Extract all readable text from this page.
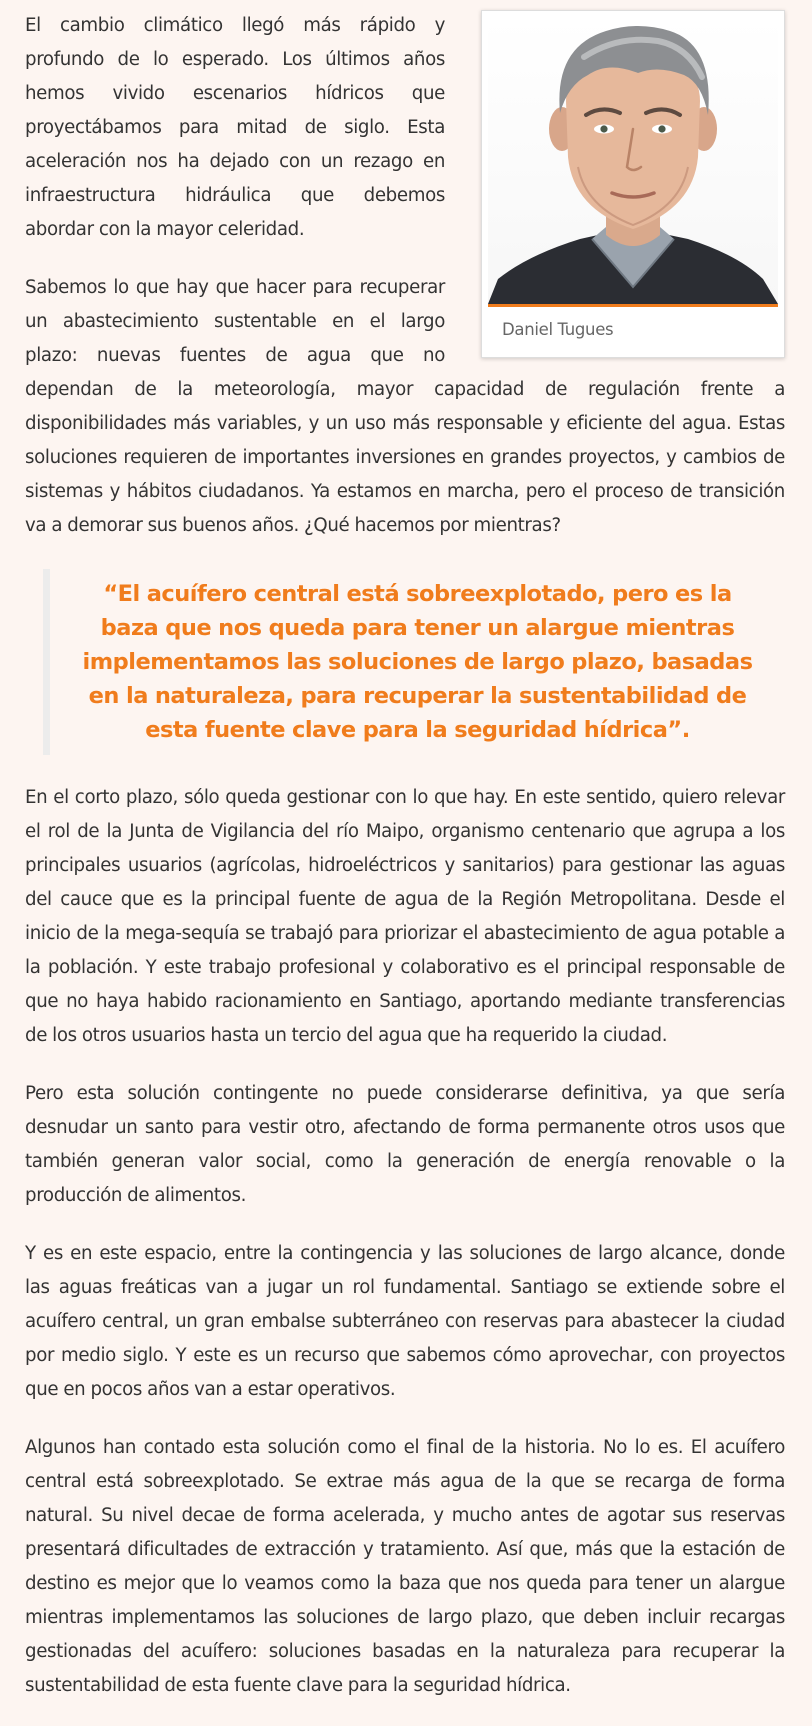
Daniel Tugues

El cambio climático llegó más rápido y profundo de lo esperado. Los últimos años hemos vivido escenarios hídricos que proyectábamos para mitad de siglo. Esta aceleración nos ha dejado con un rezago en infraestructura hidráulica que debemos abordar con la mayor celeridad.

Sabemos lo que hay que hacer para recuperar un abastecimiento sustentable en el largo plazo: nuevas fuentes de agua que no dependan de la meteorología, mayor capacidad de regulación frente a disponibilidades más variables, y un uso más responsable y eficiente del agua. Estas soluciones requieren de importantes inversiones en grandes proyectos, y cambios de sistemas y hábitos ciudadanos. Ya estamos en marcha, pero el proceso de transición va a demorar sus buenos años. ¿Qué hacemos por mientras?

“El acuífero central está sobreexplotado, pero es la baza que nos queda para tener un alargue mientras implementamos las soluciones de largo plazo, basadas en la naturaleza, para recuperar la sustentabilidad de esta fuente clave para la seguridad hídrica”.

En el corto plazo, sólo queda gestionar con lo que hay. En este sentido, quiero relevar el rol de la Junta de Vigilancia del río Maipo, organismo centenario que agrupa a los principales usuarios (agrícolas, hidroeléctricos y sanitarios) para gestionar las aguas del cauce que es la principal fuente de agua de la Región Metropolitana. Desde el inicio de la mega-sequía se trabajó para priorizar el abastecimiento de agua potable a la población. Y este trabajo profesional y colaborativo es el principal responsable de que no haya habido racionamiento en Santiago, aportando mediante transferencias de los otros usuarios hasta un tercio del agua que ha requerido la ciudad.

Pero esta solución contingente no puede considerarse definitiva, ya que sería desnudar un santo para vestir otro, afectando de forma permanente otros usos que también generan valor social, como la generación de energía renovable o la producción de alimentos.

Y es en este espacio, entre la contingencia y las soluciones de largo alcance, donde las aguas freáticas van a jugar un rol fundamental. Santiago se extiende sobre el acuífero central, un gran embalse subterráneo con reservas para abastecer la ciudad por medio siglo. Y este es un recurso que sabemos cómo aprovechar, con proyectos que en pocos años van a estar operativos.

Algunos han contado esta solución como el final de la historia. No lo es. El acuífero central está sobreexplotado. Se extrae más agua de la que se recarga de forma natural. Su nivel decae de forma acelerada, y mucho antes de agotar sus reservas presentará dificultades de extracción y tratamiento. Así que, más que la estación de destino es mejor que lo veamos como la baza que nos queda para tener un alargue mientras implementamos las soluciones de largo plazo, que deben incluir recargas gestionadas del acuífero: soluciones basadas en la naturaleza para recuperar la sustentabilidad de esta fuente clave para la seguridad hídrica.
